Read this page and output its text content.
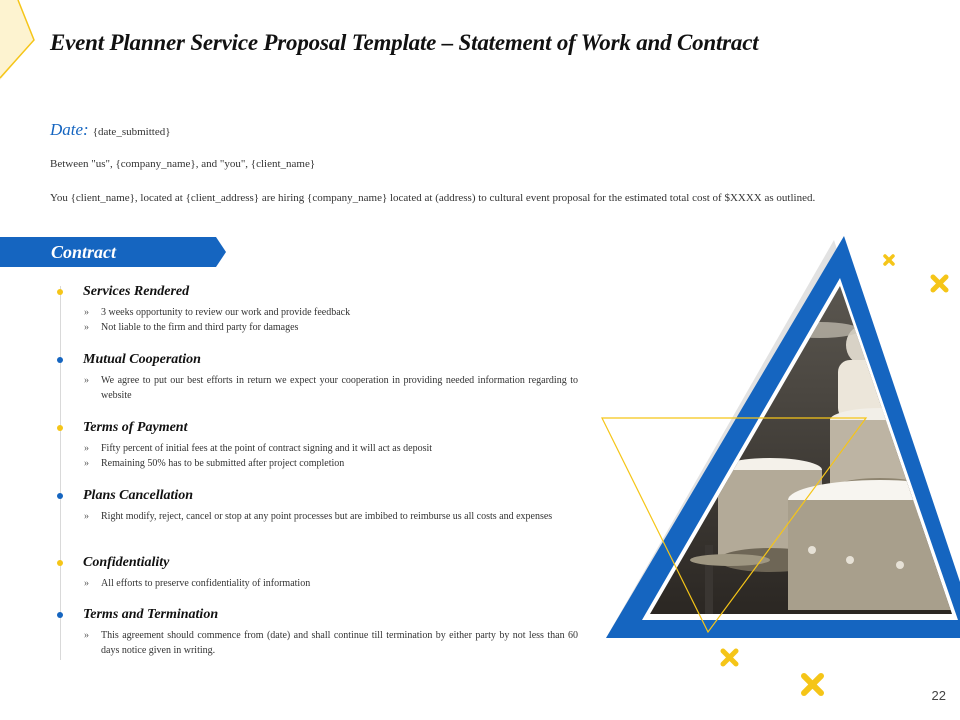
Event Planner Service Proposal Template – Statement of Work and Contract
Date: {date_submitted}
Between "us", {company_name}, and "you", {client_name}
You {client_name}, located at {client_address} are hiring {company_name} located at (address) to cultural event proposal for the estimated total cost of $XXXX as outlined.
Contract
Services Rendered
» 3 weeks opportunity to review our work and provide feedback
» Not liable to the firm and third party for damages
Mutual Cooperation
» We agree to put our best efforts in return we expect your cooperation in providing needed information regarding to website
Terms of Payment
» Fifty percent of initial fees at the point of contract signing and it will act as deposit
» Remaining 50% has to be submitted after project completion
Plans Cancellation
» Right modify, reject, cancel or stop at any point processes but are imbibed to reimburse us all costs and expenses
Confidentiality
» All efforts to preserve confidentiality of information
Terms and Termination
» This agreement should commence from (date) and shall continue till termination by either party by not less than 60 days notice given in writing.
22
